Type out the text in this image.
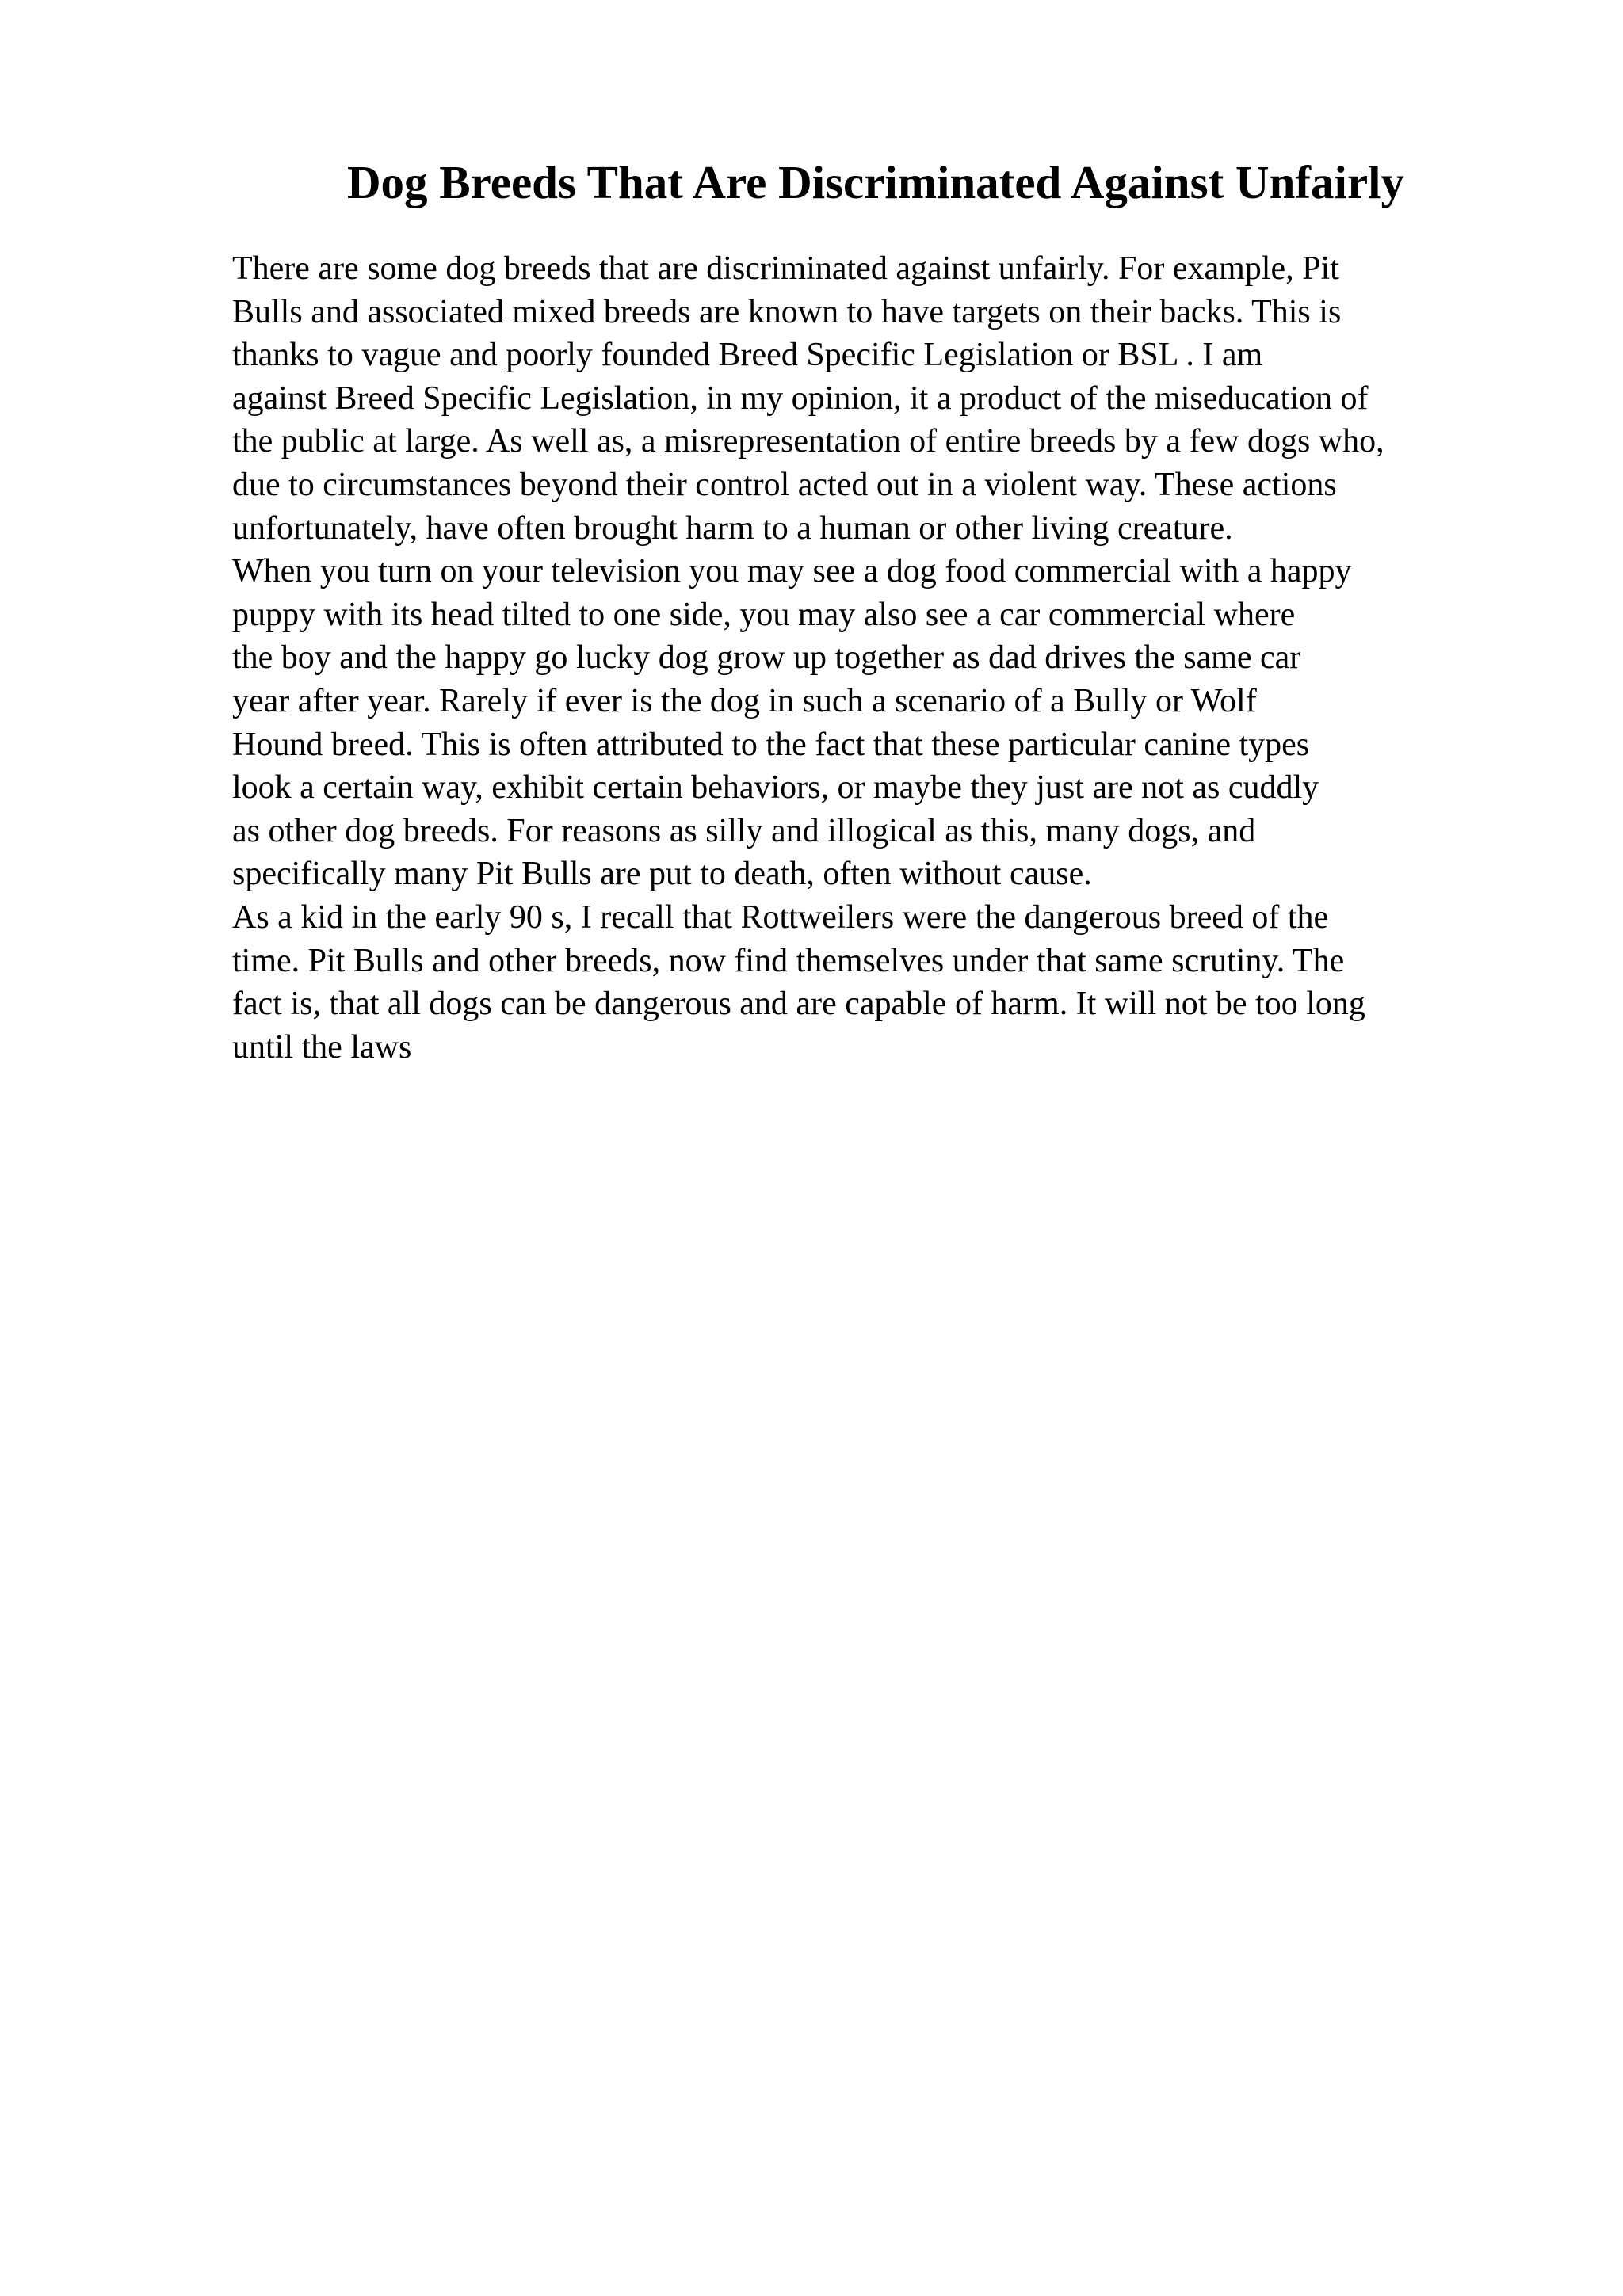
Dog Breeds That Are Discriminated Against Unfairly
There are some dog breeds that are discriminated against unfairly. For example, Pit
Bulls and associated mixed breeds are known to have targets on their backs. This is
thanks to vague and poorly founded Breed Specific Legislation or BSL . I am
against Breed Specific Legislation, in my opinion, it a product of the miseducation of
the public at large. As well as, a misrepresentation of entire breeds by a few dogs who,
due to circumstances beyond their control acted out in a violent way. These actions
unfortunately, have often brought harm to a human or other living creature.
When you turn on your television you may see a dog food commercial with a happy
puppy with its head tilted to one side, you may also see a car commercial where
the boy and the happy go lucky dog grow up together as dad drives the same car
year after year. Rarely if ever is the dog in such a scenario of a Bully or Wolf
Hound breed. This is often attributed to the fact that these particular canine types
look a certain way, exhibit certain behaviors, or maybe they just are not as cuddly
as other dog breeds. For reasons as silly and illogical as this, many dogs, and
specifically many Pit Bulls are put to death, often without cause.
As a kid in the early 90 s, I recall that Rottweilers were the dangerous breed of the
time. Pit Bulls and other breeds, now find themselves under that same scrutiny. The
fact is, that all dogs can be dangerous and are capable of harm. It will not be too long
until the laws
